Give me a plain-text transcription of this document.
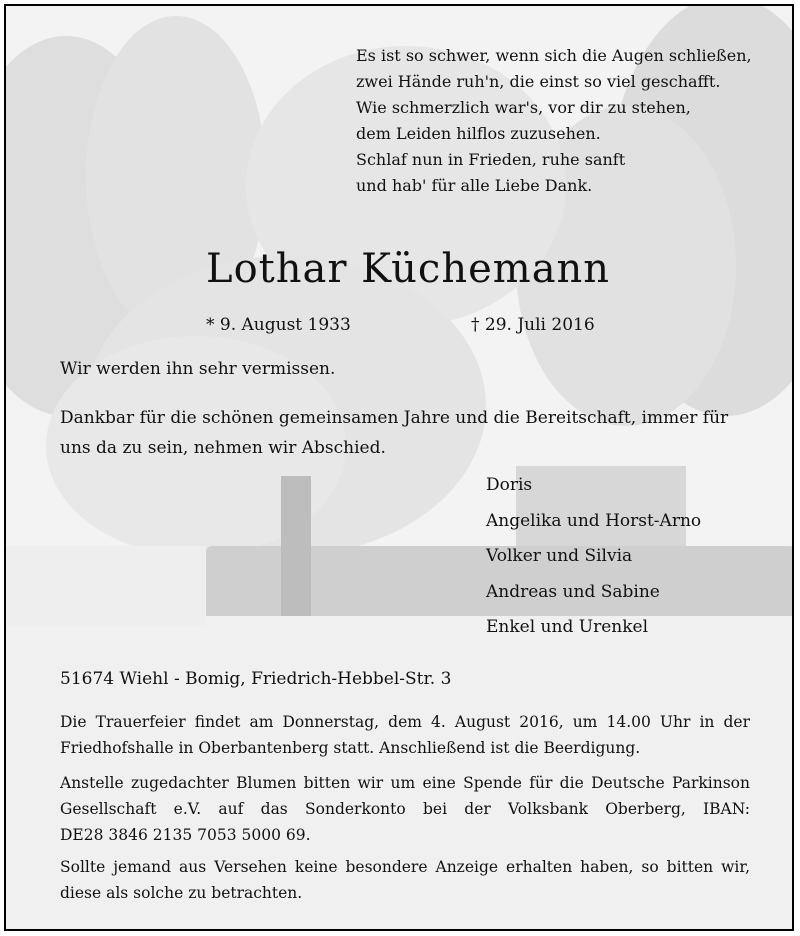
Es ist so schwer, wenn sich die Augen schließen,
zwei Hände ruh'n, die einst so viel geschafft.
Wie schmerzlich war's, vor dir zu stehen,
dem Leiden hilflos zuzusehen.
Schlaf nun in Frieden, ruhe sanft
und hab' für alle Liebe Dank.
Lothar Küchemann
* 9. August 1933	† 29. Juli 2016
Wir werden ihn sehr vermissen.
Dankbar für die schönen gemeinsamen Jahre und die Bereitschaft, immer für
uns da zu sein, nehmen wir Abschied.
Doris
Angelika und Horst-Arno
Volker und Silvia
Andreas und Sabine
Enkel und Urenkel
51674 Wiehl - Bomig, Friedrich-Hebbel-Str. 3
Die Trauerfeier findet am Donnerstag, dem 4. August 2016, um 14.00 Uhr in der
Friedhofshalle in Oberbantenberg statt. Anschließend ist die Beerdigung.
Anstelle zugedachter Blumen bitten wir um eine Spende für die Deutsche Parkinson
Gesellschaft e.V. auf das Sonderkonto bei der Volksbank Oberberg, IBAN:
DE28 3846 2135 7053 5000 69.
Sollte jemand aus Versehen keine besondere Anzeige erhalten haben, so bitten wir,
diese als solche zu betrachten.
